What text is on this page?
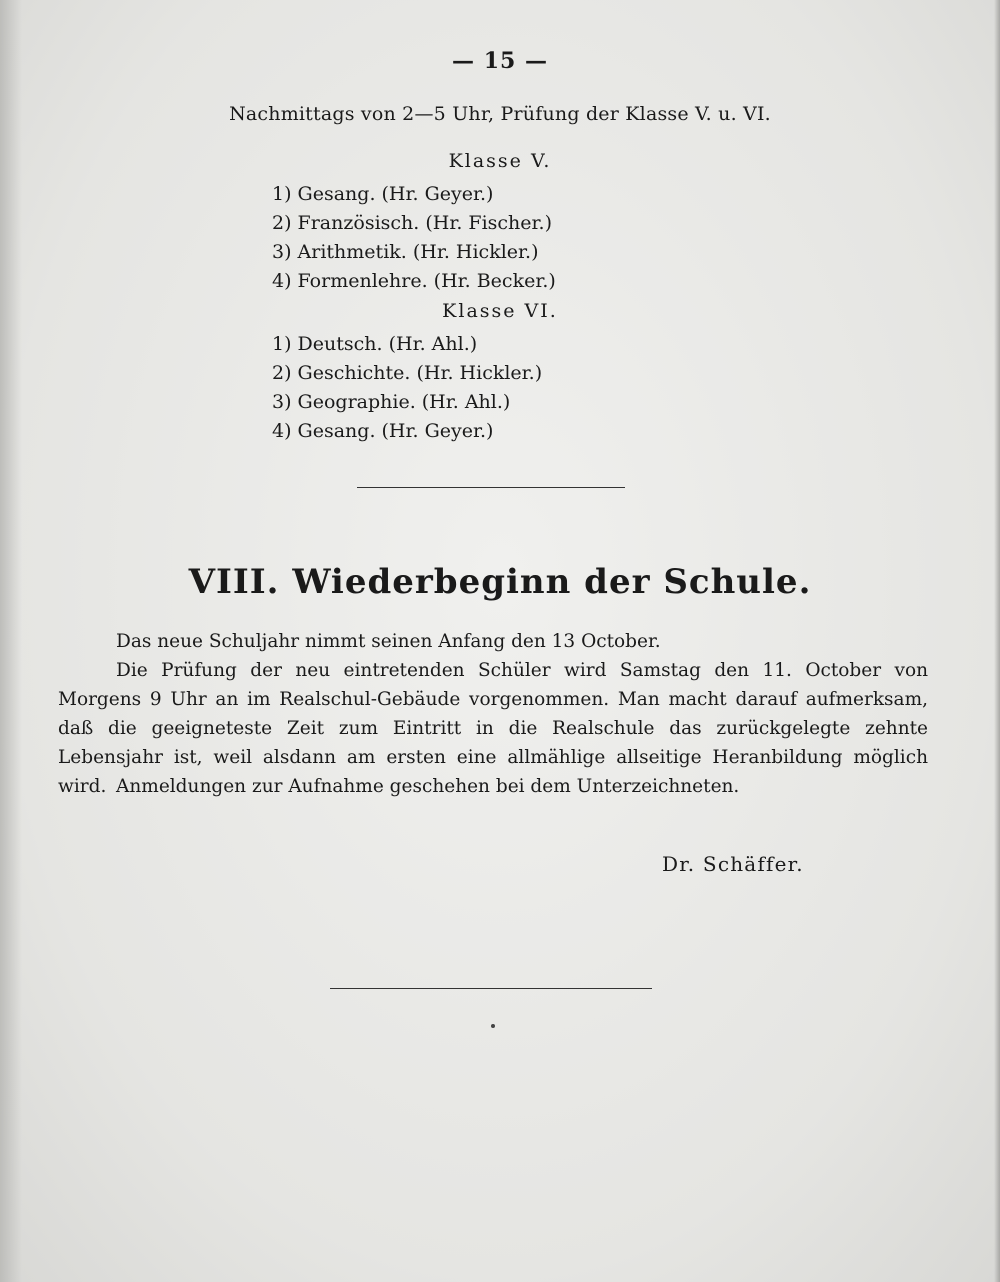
— 15 —
Nachmittags von 2—5 Uhr, Prüfung der Klasse V. u. VI.
Klasse V.
1) Gesang. (Hr. Geyer.)
2) Französisch. (Hr. Fischer.)
3) Arithmetik. (Hr. Hickler.)
4) Formenlehre. (Hr. Becker.)
Klasse VI.
1) Deutsch. (Hr. Ahl.)
2) Geschichte. (Hr. Hickler.)
3) Geographie. (Hr. Ahl.)
4) Gesang. (Hr. Geyer.)
VIII. Wiederbeginn der Schule.

Das neue Schuljahr nimmt seinen Anfang den 13 October.

Die Prüfung der neu eintretenden Schüler wird Samstag den 11. October von Morgens 9 Uhr an im Realschul-Gebäude vorgenommen. Man macht darauf aufmerksam, daß die geeigneteste Zeit zum Eintritt in die Realschule das zurückgelegte zehnte Lebensjahr ist, weil alsdann am ersten eine allmählige allseitige Heranbildung möglich wird. Anmeldungen zur Aufnahme geschehen bei dem Unterzeichneten.

Dr. Schäffer.
